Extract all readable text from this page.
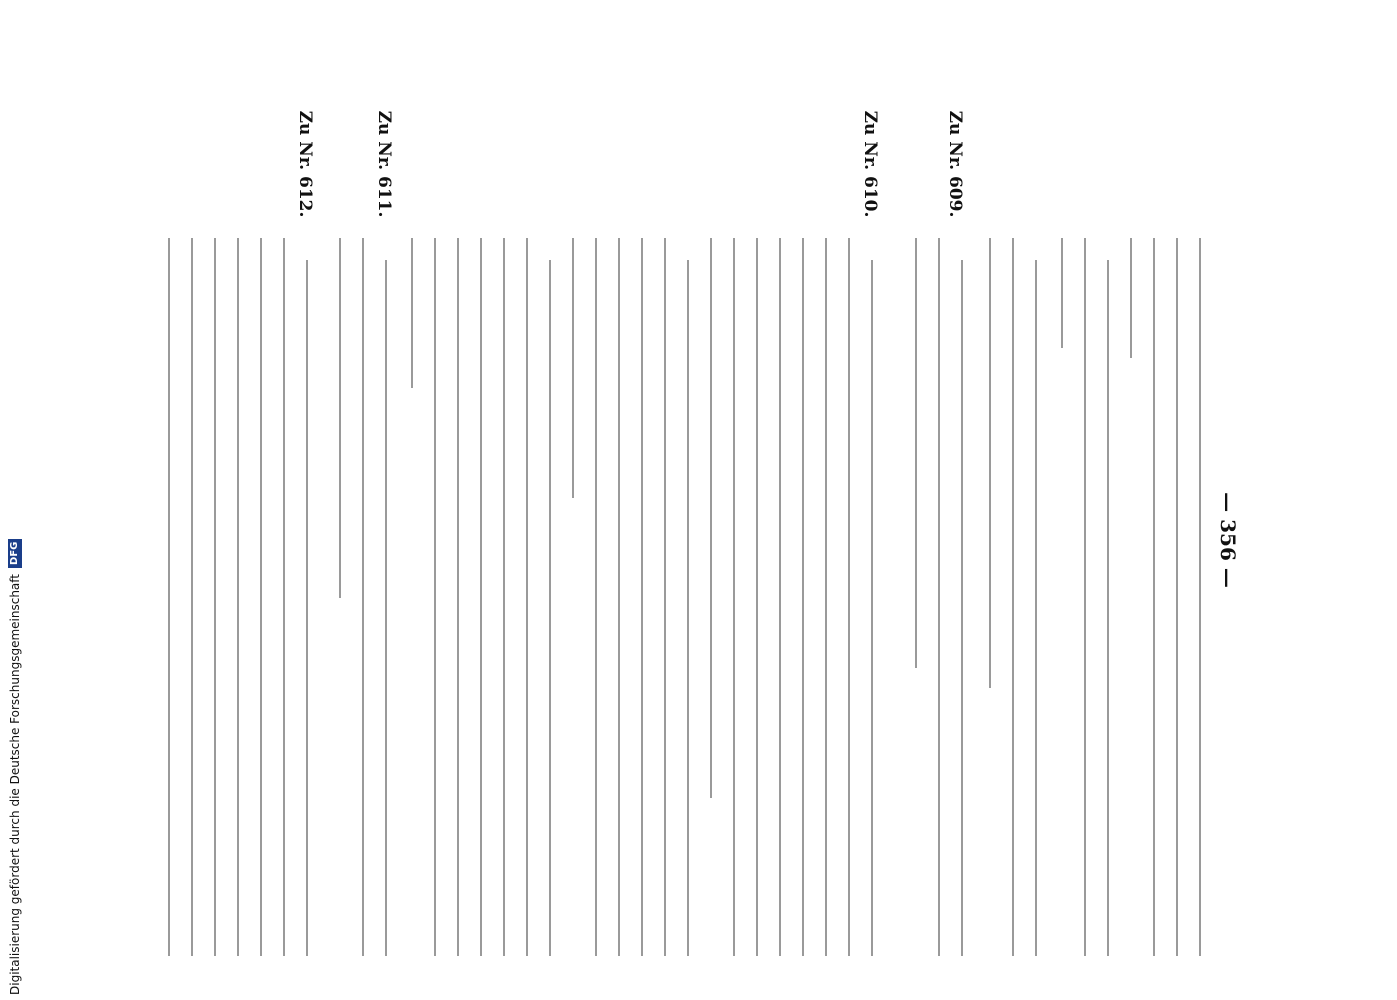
— 356 —
Zu Nr. 609.
Zu Nr. 610.
Zu Nr. 611.
Zu Nr. 612.
Digitalisierung gefördert durch die Deutsche Forschungsgemeinschaft
DFG
